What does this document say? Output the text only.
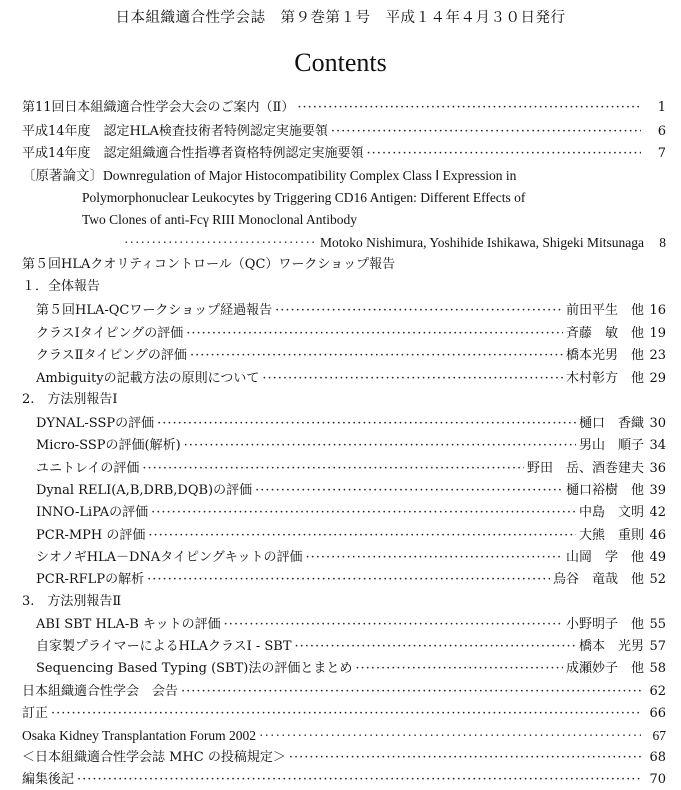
日本組織適合性学会誌　第９巻第１号　平成１４年４月３０日発行
Contents
第11回日本組織適合性学会大会のご案内（Ⅱ） ·····	1
平成14年度　認定HLA検査技術者特例認定実施要領 ·····	6
平成14年度　認定組織適合性指導者資格特例認定実施要領 ·····	7
〔原著論文〕Downregulation of Major Histocompatibility Complex Class Ⅰ Expression in
Polymorphonuclear Leukocytes by Triggering CD16 Antigen: Different Effects of
Two Clones of anti-Fcγ RIII Monoclonal Antibody
·····
Motoko Nishimura, Yoshihide Ishikawa, Shigeki Mitsunaga	8
第５回HLAクオリティコントロール（QC）ワークショップ報告
１．全体報告
第５回HLA-QCワークショップ経過報告 ·····	前田平生　他 16
クラスⅠタイピングの評価 ·····	斉藤　敏　他 19
クラスⅡタイピングの評価 ·····	橋本光男　他 23
Ambiguityの記載方法の原則について ·····	木村彰方　他 29
2.　方法別報告Ⅰ
DYNAL-SSPの評価 ·····	樋口　香織 30
Micro-SSPの評価(解析) ·····	男山　順子 34
ユニトレイの評価 ·····	野田　岳、酒巻建夫 36
Dynal RELI(A,B,DRB,DQB)の評価 ·····	樋口裕樹　他 39
INNO-LiPAの評価 ·····	中島　文明 42
PCR-MPH の評価 ·····	大熊　重則 46
シオノギHLA－DNAタイピングキットの評価 ·····	山岡　学　他 49
PCR-RFLPの解析 ·····	烏谷　竜哉　他 52
3.　方法別報告Ⅱ
ABI SBT HLA-B キットの評価 ·····	小野明子　他 55
自家製プライマーによるHLAクラスⅠ - SBT ·····	橋本　光男 57
Sequencing Based Typing (SBT)法の評価とまとめ ·····	成瀬妙子　他 58
日本組織適合性学会　会告 ·····	62
訂正 ·····	66
Osaka Kidney Transplantation Forum 2002 ·····	67
＜日本組織適合性学会誌 MHC の投稿規定＞ ·····	68
編集後記 ·····	70
